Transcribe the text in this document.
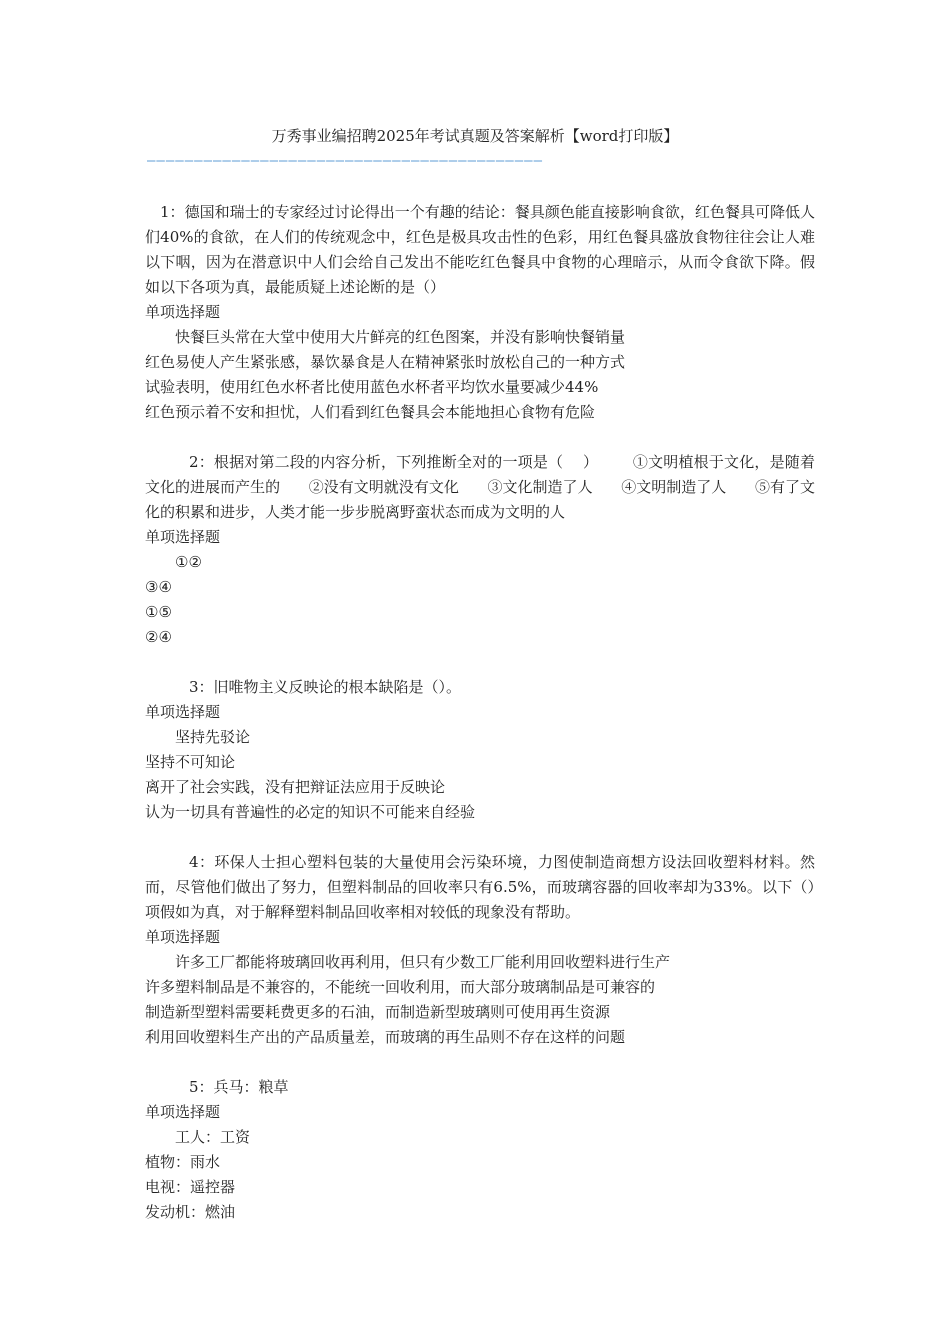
万秀事业编招聘2025年考试真题及答案解析【word打印版】
——————————————————————————————————————————

1：德国和瑞士的专家经过讨论得出一个有趣的结论：餐具颜色能直接影响食欲，红色餐具可降低人们40%的食欲，在人们的传统观念中，红色是极具攻击性的色彩，用红色餐具盛放食物往往会让人难以下咽，因为在潜意识中人们会给自己发出不能吃红色餐具中食物的心理暗示，从而令食欲下降。假如以下各项为真，最能质疑上述论断的是（）

单项选择题

快餐巨头常在大堂中使用大片鲜亮的红色图案，并没有影响快餐销量

红色易使人产生紧张感，暴饮暴食是人在精神紧张时放松自己的一种方式

试验表明，使用红色水杯者比使用蓝色水杯者平均饮水量要减少44%

红色预示着不安和担忧，人们看到红色餐具会本能地担心食物有危险

2：根据对第二段的内容分析，下列推断全对的一项是（    ）       ①文明植根于文化，是随着文化的进展而产生的      ②没有文明就没有文化      ③文化制造了人      ④文明制造了人      ⑤有了文化的积累和进步，人类才能一步步脱离野蛮状态而成为文明的人

单项选择题

①②

③④

①⑤

②④

3：旧唯物主义反映论的根本缺陷是（）。

单项选择题

坚持先驳论

坚持不可知论

离开了社会实践，没有把辩证法应用于反映论

认为一切具有普遍性的必定的知识不可能来自经验

4：环保人士担心塑料包装的大量使用会污染环境，力图使制造商想方设法回收塑料材料。然而，尽管他们做出了努力，但塑料制品的回收率只有6.5%，而玻璃容器的回收率却为33%。以下（）项假如为真，对于解释塑料制品回收率相对较低的现象没有帮助。

单项选择题

许多工厂都能将玻璃回收再利用，但只有少数工厂能利用回收塑料进行生产

许多塑料制品是不兼容的，不能统一回收利用，而大部分玻璃制品是可兼容的

制造新型塑料需要耗费更多的石油，而制造新型玻璃则可使用再生资源

利用回收塑料生产出的产品质量差，而玻璃的再生品则不存在这样的问题

5：兵马：粮草

单项选择题

工人：工资

植物：雨水

电视：遥控器

发动机：燃油
